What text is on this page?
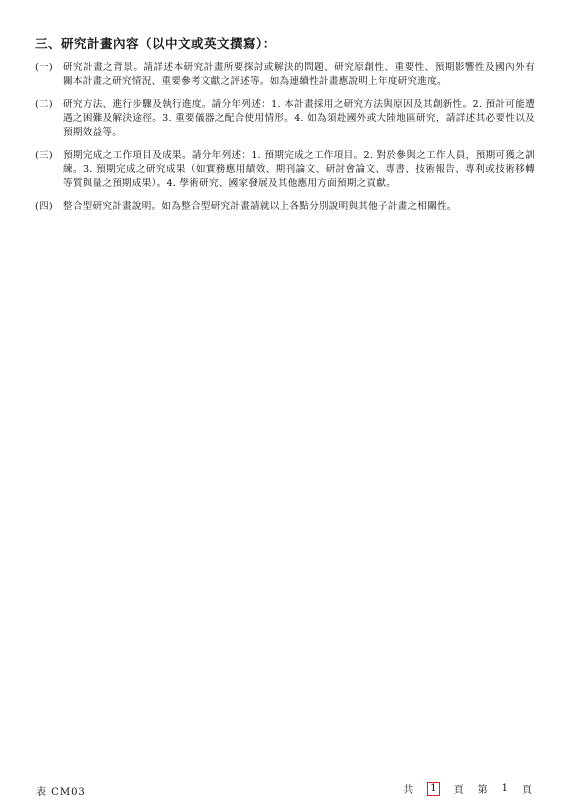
三、研究計畫內容（以中文或英文撰寫）：
(一)	研究計畫之背景。請詳述本研究計畫所要探討或解決的問題、研究原創性、重要性、預期影響性及國內外有關本計畫之研究情況、重要參考文獻之評述等。如為連續性計畫應說明上年度研究進度。
(二)	研究方法、進行步驟及執行進度。請分年列述：1. 本計畫採用之研究方法與原因及其創新性。2. 預計可能遭遇之困難及解決途徑。3. 重要儀器之配合使用情形。4. 如為須赴國外或大陸地區研究，請詳述其必要性以及預期效益等。
(三)	預期完成之工作項目及成果。請分年列述：1. 預期完成之工作項目。2. 對於參與之工作人員，預期可獲之訓練。3. 預期完成之研究成果（如實務應用績效、期刊論文、研討會論文、專書、技術報告、專利或技術移轉等質與量之預期成果）。4. 學術研究、國家發展及其他應用方面預期之貢獻。
(四)	整合型研究計畫說明。如為整合型研究計畫請就以上各點分別說明與其他子計畫之相關性。
表 CM03	共	1	頁 第 1 頁
